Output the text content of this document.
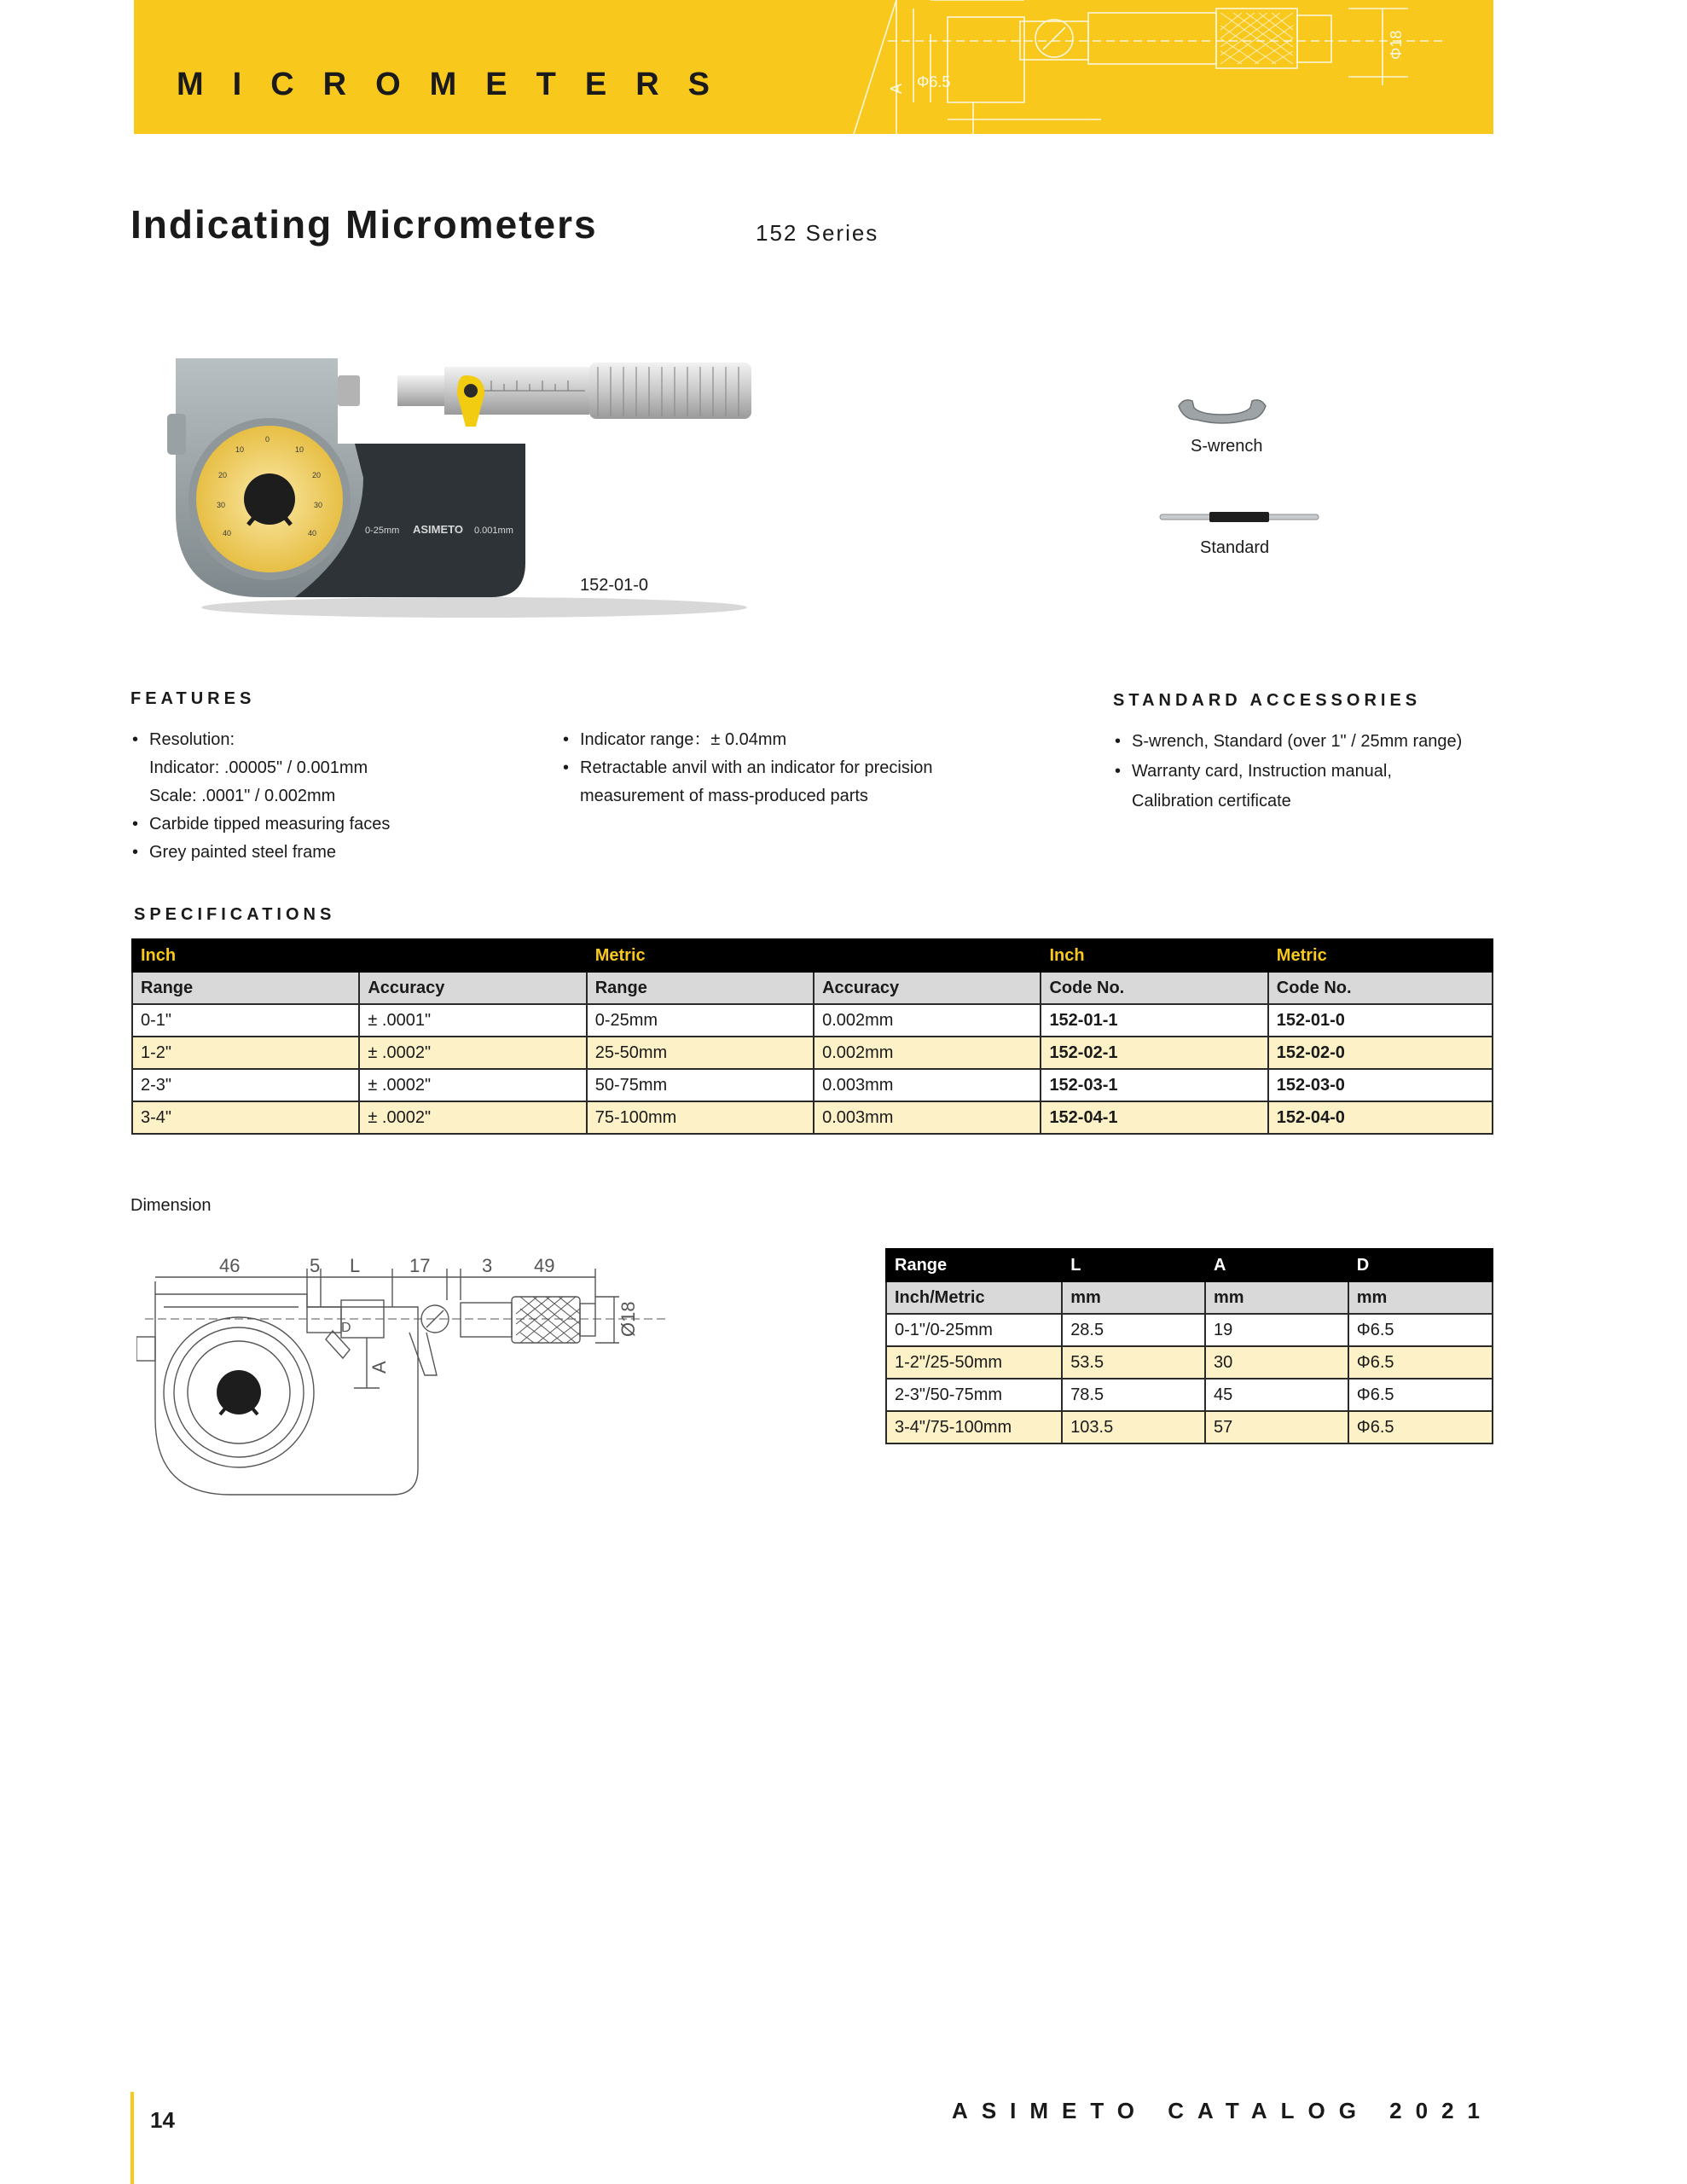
MICROMETERS	Φ6.5
A
Φ18
Indicating Micrometers	152 Series
0
10	10
20	20
30	30
40	40	0-25mm ASIMETO 0.001mm
152-01-0
S-wrench
Standard
FEATURES
• Resolution:
Indicator: .00005" / 0.001mm
Scale: .0001" / 0.002mm
• Carbide tipped measuring faces
• Grey painted steel frame
• Indicator range：± 0.04mm
• Retractable anvil with an indicator for precision
measurement of mass-produced parts
STANDARD ACCESSORIES
• S-wrench, Standard (over 1" / 25mm range)
• Warranty card, Instruction manual,
Calibration certificate
SPECIFICATIONS
Inch		Metric		Inch	Metric
Range	Accuracy	Range	Accuracy	Code No.	Code No.
0-1"	± .0001"	0-25mm	0.002mm	152-01-1	152-01-0
1-2"	± .0002"	25-50mm	0.002mm	152-02-1	152-02-0
2-3"	± .0002"	50-75mm	0.003mm	152-03-1	152-03-0
3-4"	± .0002"	75-100mm	0.003mm	152-04-1	152-04-0
Dimension
46	5 L	17	3 49
Ø18
A
D
Range	L	A	D
Inch/Metric	mm	mm	mm
0-1"/0-25mm	28.5	19	Φ6.5
1-2"/25-50mm	53.5	30	Φ6.5
2-3"/50-75mm	78.5	45	Φ6.5
3-4"/75-100mm	103.5	57	Φ6.5
14	ASIMETO CATALOG 2021
